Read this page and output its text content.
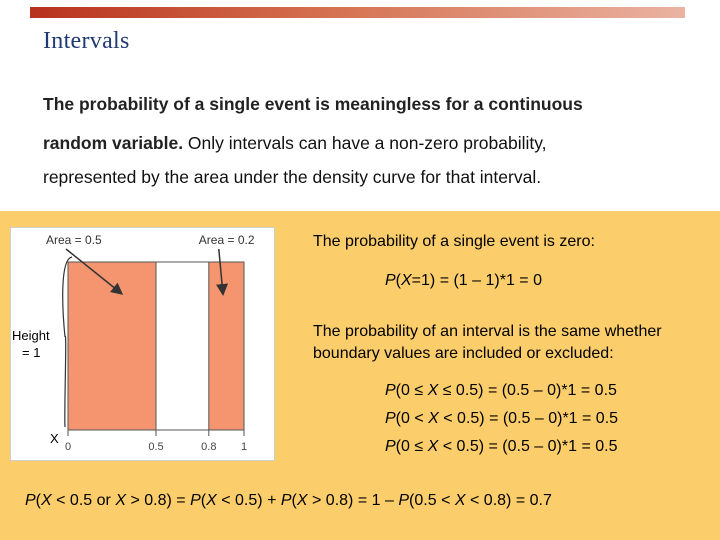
Intervals
The probability of a single event is meaningless for a continuous
random variable. Only intervals can have a non-zero probability,
represented by the area under the density curve for that interval.
0	0.5	0.8 1
Area = 0.5	Area = 0.2
Height
= 1
X
The probability of a single event is zero:
P(X=1) = (1 – 1)*1 = 0
The probability of an interval is the same whether
boundary values are included or excluded:
P(0 ≤ X ≤ 0.5) = (0.5 – 0)*1 = 0.5
P(0 < X < 0.5) = (0.5 – 0)*1 = 0.5
P(0 ≤ X < 0.5) = (0.5 – 0)*1 = 0.5
P(X < 0.5 or X > 0.8) = P(X < 0.5) + P(X > 0.8) = 1 – P(0.5 < X < 0.8) = 0.7
